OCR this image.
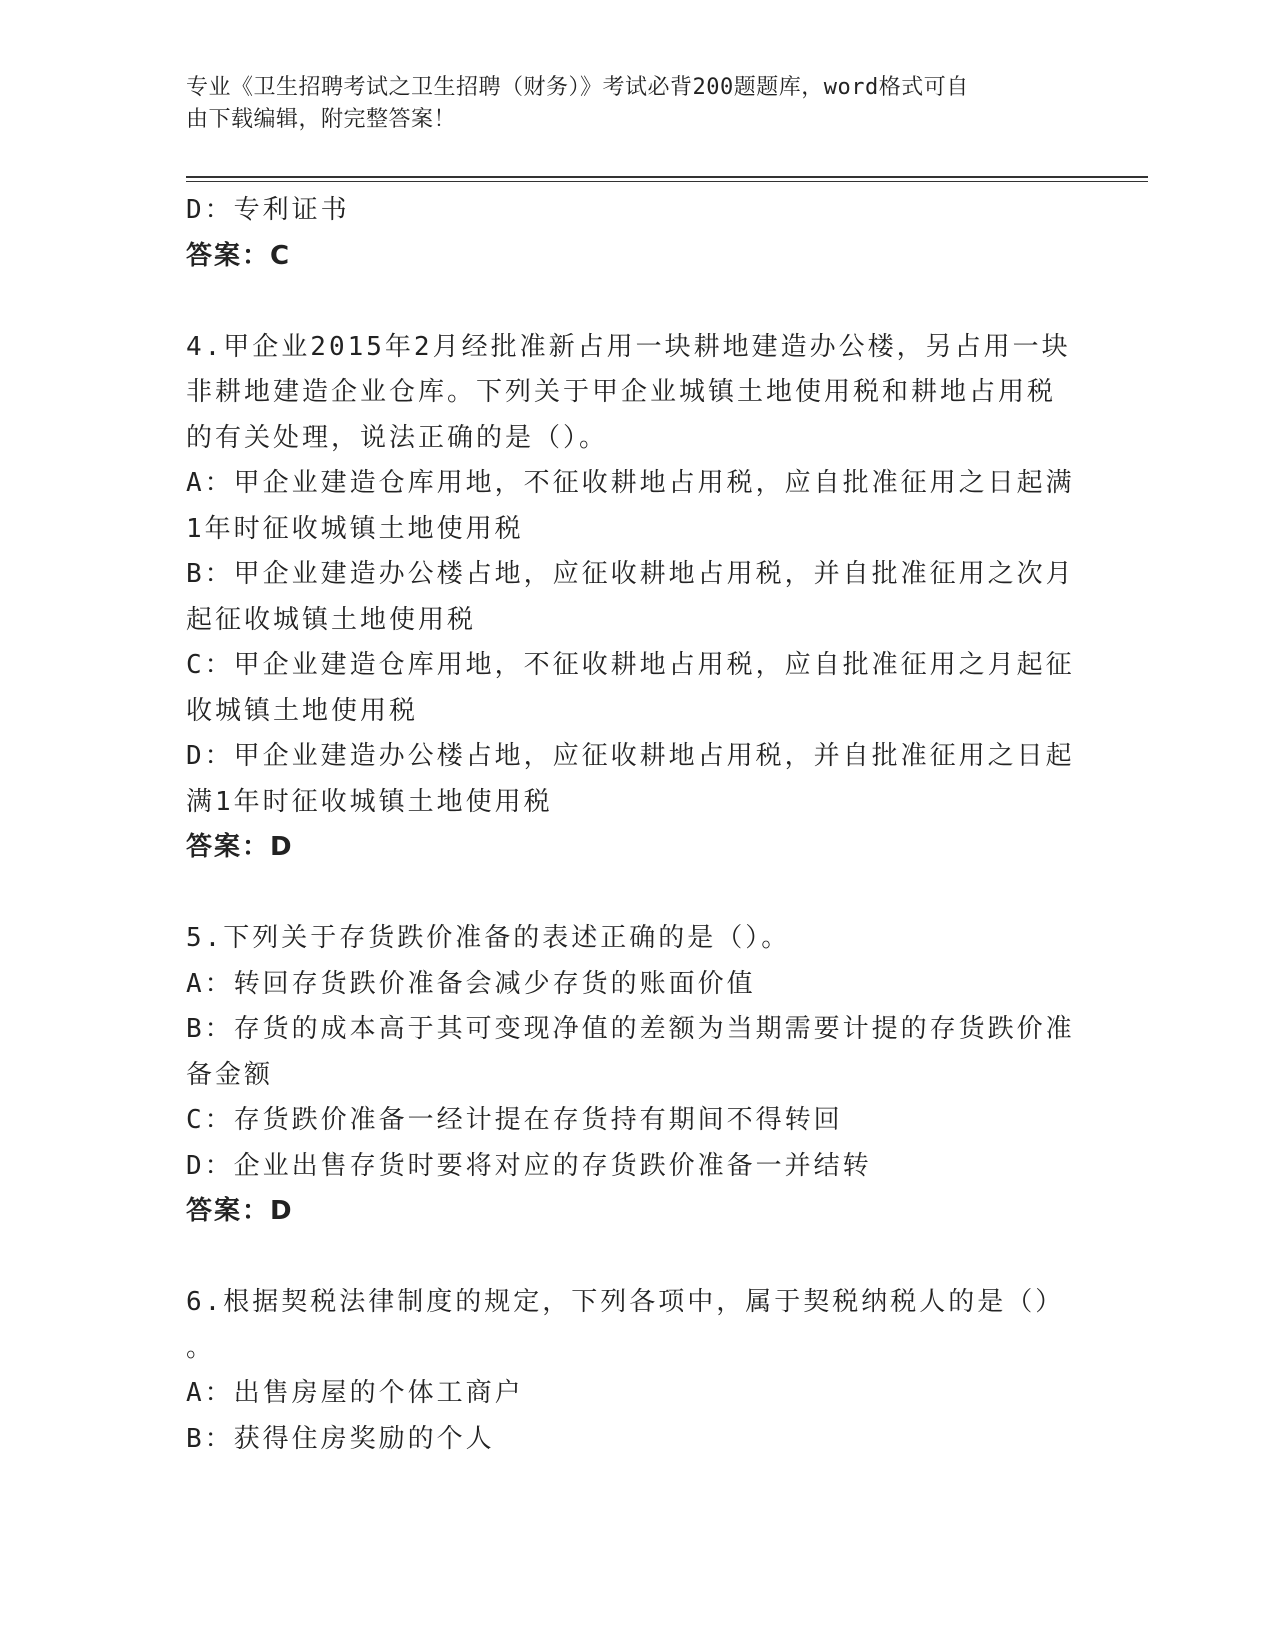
专业《卫生招聘考试之卫生招聘（财务）》考试必背200题题库，word格式可自
由下载编辑，附完整答案！
D：专利证书
答案：C
4.甲企业2015年2月经批准新占用一块耕地建造办公楼，另占用一块
非耕地建造企业仓库。下列关于甲企业城镇土地使用税和耕地占用税
的有关处理，说法正确的是（）。
A：甲企业建造仓库用地，不征收耕地占用税，应自批准征用之日起满
1年时征收城镇土地使用税
B：甲企业建造办公楼占地，应征收耕地占用税，并自批准征用之次月
起征收城镇土地使用税
C：甲企业建造仓库用地，不征收耕地占用税，应自批准征用之月起征
收城镇土地使用税
D：甲企业建造办公楼占地，应征收耕地占用税，并自批准征用之日起
满1年时征收城镇土地使用税
答案：D
5.下列关于存货跌价准备的表述正确的是（）。
A：转回存货跌价准备会减少存货的账面价值
B：存货的成本高于其可变现净值的差额为当期需要计提的存货跌价准
备金额
C：存货跌价准备一经计提在存货持有期间不得转回
D：企业出售存货时要将对应的存货跌价准备一并结转
答案：D
6.根据契税法律制度的规定，下列各项中，属于契税纳税人的是（）
。
A：出售房屋的个体工商户
B：获得住房奖励的个人
